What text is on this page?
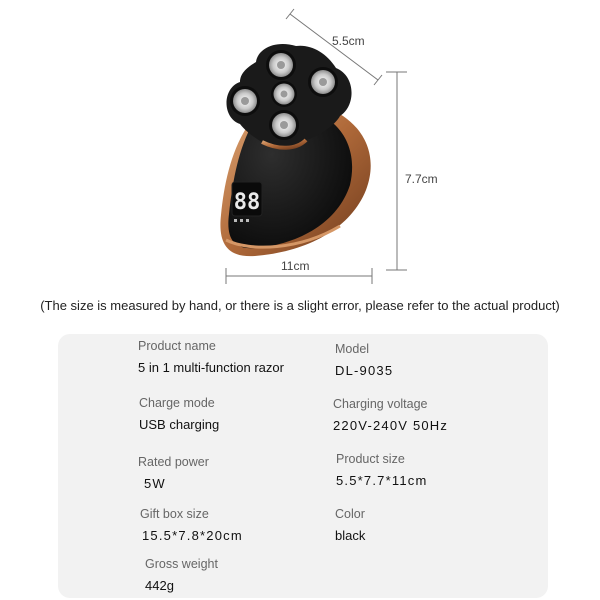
88
5.5cm
7.7cm
11cm
(The size is measured by hand, or there is a slight error, please refer to the actual product)
Product name
5 in 1 multi-function razor
Model
DL-9035
Charge mode
USB charging
Charging voltage
220V-240V 50Hz
Rated power
5W
Product size
5.5*7.7*11cm
Gift box size
15.5*7.8*20cm
Color
black
Gross weight
442g
